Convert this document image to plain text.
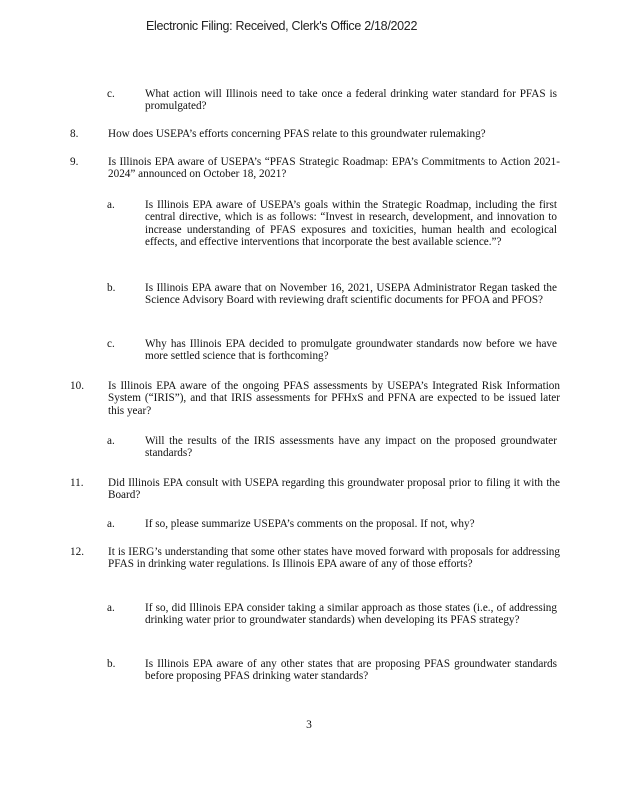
Electronic Filing: Received, Clerk's Office 2/18/2022
c.	What action will Illinois need to take once a federal drinking water standard for PFAS is promulgated?
8.	How does USEPA’s efforts concerning PFAS relate to this groundwater rulemaking?
9.	Is Illinois EPA aware of USEPA’s “PFAS Strategic Roadmap: EPA’s Commitments to Action 2021-2024” announced on October 18, 2021?
a.	Is Illinois EPA aware of USEPA’s goals within the Strategic Roadmap, including the first central directive, which is as follows: “Invest in research, development, and innovation to increase understanding of PFAS exposures and toxicities, human health and ecological effects, and effective interventions that incorporate the best available science.”?
b.	Is Illinois EPA aware that on November 16, 2021, USEPA Administrator Regan tasked the Science Advisory Board with reviewing draft scientific documents for PFOA and PFOS?
c.	Why has Illinois EPA decided to promulgate groundwater standards now before we have more settled science that is forthcoming?
10. Is Illinois EPA aware of the ongoing PFAS assessments by USEPA’s Integrated Risk Information System (“IRIS”), and that IRIS assessments for PFHxS and PFNA are expected to be issued later this year?
a.	Will the results of the IRIS assessments have any impact on the proposed groundwater standards?
11. Did Illinois EPA consult with USEPA regarding this groundwater proposal prior to filing it with the Board?
a.	If so, please summarize USEPA’s comments on the proposal. If not, why?
12. It is IERG’s understanding that some other states have moved forward with proposals for addressing PFAS in drinking water regulations. Is Illinois EPA aware of any of those efforts?
a.	If so, did Illinois EPA consider taking a similar approach as those states (i.e., of addressing drinking water prior to groundwater standards) when developing its PFAS strategy?
b.	Is Illinois EPA aware of any other states that are proposing PFAS groundwater standards before proposing PFAS drinking water standards?
3
